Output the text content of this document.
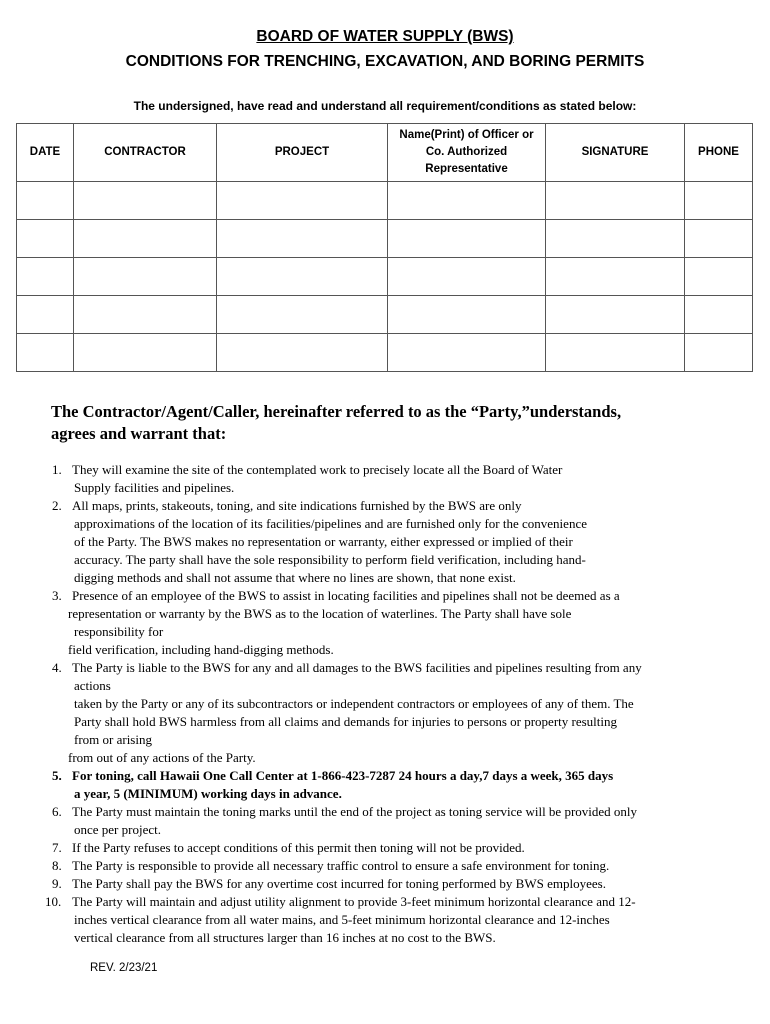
BOARD OF WATER SUPPLY (BWS)
CONDITIONS FOR TRENCHING, EXCAVATION, AND BORING PERMITS

The undersigned, have read and understand all requirement/conditions as stated below:

DATE	CONTRACTOR	PROJECT	Name(Print) of Officer or
Co. Authorized
Representative	SIGNATURE	PHONE

The Contractor/Agent/Caller, hereinafter referred to as the “Party,”understands,
agrees and warrant that:
1. They will examine the site of the contemplated work to precisely locate all the Board of Water
Supply facilities and pipelines.
2. All maps, prints, stakeouts, toning, and site indications furnished by the BWS are only
approximations of the location of its facilities/pipelines and are furnished only for the convenience
of the Party. The BWS makes no representation or warranty, either expressed or implied of their
accuracy. The party shall have the sole responsibility to perform field verification, including hand-
digging methods and shall not assume that where no lines are shown, that none exist.
3. Presence of an employee of the BWS to assist in locating facilities and pipelines shall not be deemed as a
representation or warranty by the BWS as to the location of waterlines. The Party shall have sole
responsibility for
field verification, including hand-digging methods.
4. The Party is liable to the BWS for any and all damages to the BWS facilities and pipelines resulting from any
actions
taken by the Party or any of its subcontractors or independent contractors or employees of any of them. The
Party shall hold BWS harmless from all claims and demands for injuries to persons or property resulting
from or arising
from out of any actions of the Party.
5. For toning, call Hawaii One Call Center at 1-866-423-7287 24 hours a day,7 days a week, 365 days
a year, 5 (MINIMUM) working days in advance.
6. The Party must maintain the toning marks until the end of the project as toning service will be provided only
once per project.
7. If the Party refuses to accept conditions of this permit then toning will not be provided.
8. The Party is responsible to provide all necessary traffic control to ensure a safe environment for toning.
9. The Party shall pay the BWS for any overtime cost incurred for toning performed by BWS employees.
10. The Party will maintain and adjust utility alignment to provide 3-feet minimum horizontal clearance and 12-
inches vertical clearance from all water mains, and 5-feet minimum horizontal clearance and 12-inches
vertical clearance from all structures larger than 16 inches at no cost to the BWS.

REV. 2/23/21
